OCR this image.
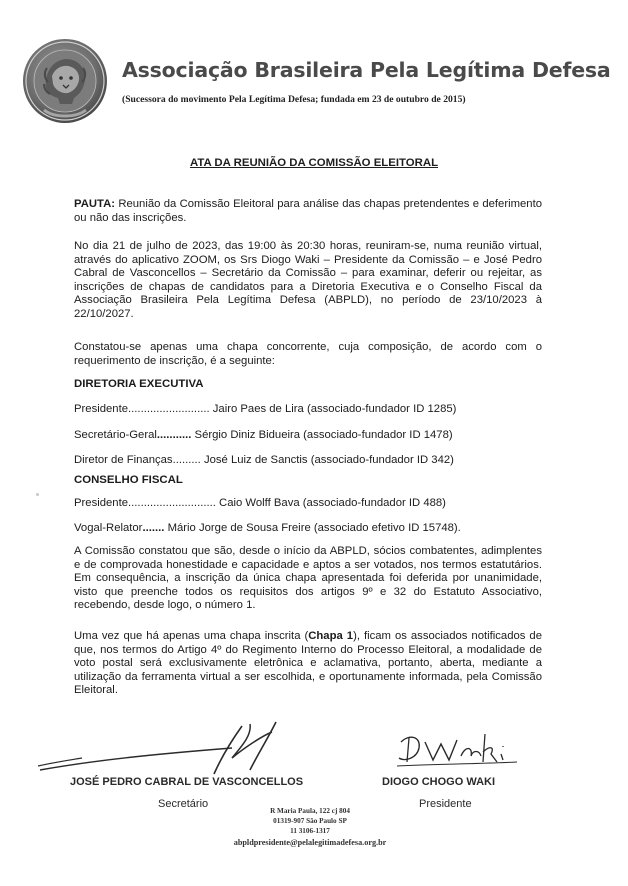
Associação Brasileira Pela Legítima Defesa
(Sucessora do movimento Pela Legítima Defesa; fundada em 23 de outubro de 2015)
ATA DA REUNIÃO DA COMISSÃO ELEITORAL
PAUTA: Reunião da Comissão Eleitoral para análise das chapas pretendentes e deferimento ou não das inscrições.
No dia 21 de julho de 2023, das 19:00 às 20:30 horas, reuniram-se, numa reunião virtual, através do aplicativo ZOOM, os Srs Diogo Waki – Presidente da Comissão – e José Pedro Cabral de Vasconcellos – Secretário da Comissão – para examinar, deferir ou rejeitar, as inscrições de chapas de candidatos para a Diretoria Executiva e o Conselho Fiscal da Associação Brasileira Pela Legítima Defesa (ABPLD), no período de 23/10/2023 à 22/10/2027.
Constatou-se apenas uma chapa concorrente, cuja composição, de acordo com o requerimento de inscrição, é a seguinte:
DIRETORIA EXECUTIVA
Presidente.......................... Jairo Paes de Lira (associado-fundador ID 1285)
Secretário-Geral........... Sérgio Diniz Bidueira (associado-fundador ID 1478)
Diretor de Finanças......... José Luiz de Sanctis (associado-fundador ID 342)
CONSELHO FISCAL
Presidente............................ Caio Wolff Bava (associado-fundador ID 488)
Vogal-Relator....... Mário Jorge de Sousa Freire (associado efetivo ID 15748).
A Comissão constatou que são, desde o início da ABPLD, sócios combatentes, adimplentes e de comprovada honestidade e capacidade e aptos a ser votados, nos termos estatutários. Em consequência, a inscrição da única chapa apresentada foi deferida por unanimidade, visto que preenche todos os requisitos dos artigos 9º e 32 do Estatuto Associativo, recebendo, desde logo, o número 1.
Uma vez que há apenas uma chapa inscrita (Chapa 1), ficam os associados notificados de que, nos termos do Artigo 4º do Regimento Interno do Processo Eleitoral, a modalidade de voto postal será exclusivamente eletrônica e aclamativa, portanto, aberta, mediante a utilização da ferramenta virtual a ser escolhida, e oportunamente informada, pela Comissão Eleitoral.
JOSÉ PEDRO CABRAL DE VASCONCELLOS
Secretário
DIOGO CHOGO WAKI
Presidente
R Maria Paula, 122 cj 804
01319-907 São Paulo SP
11 3106-1317
abpldpresidente@pelalegitimadefesa.org.br
